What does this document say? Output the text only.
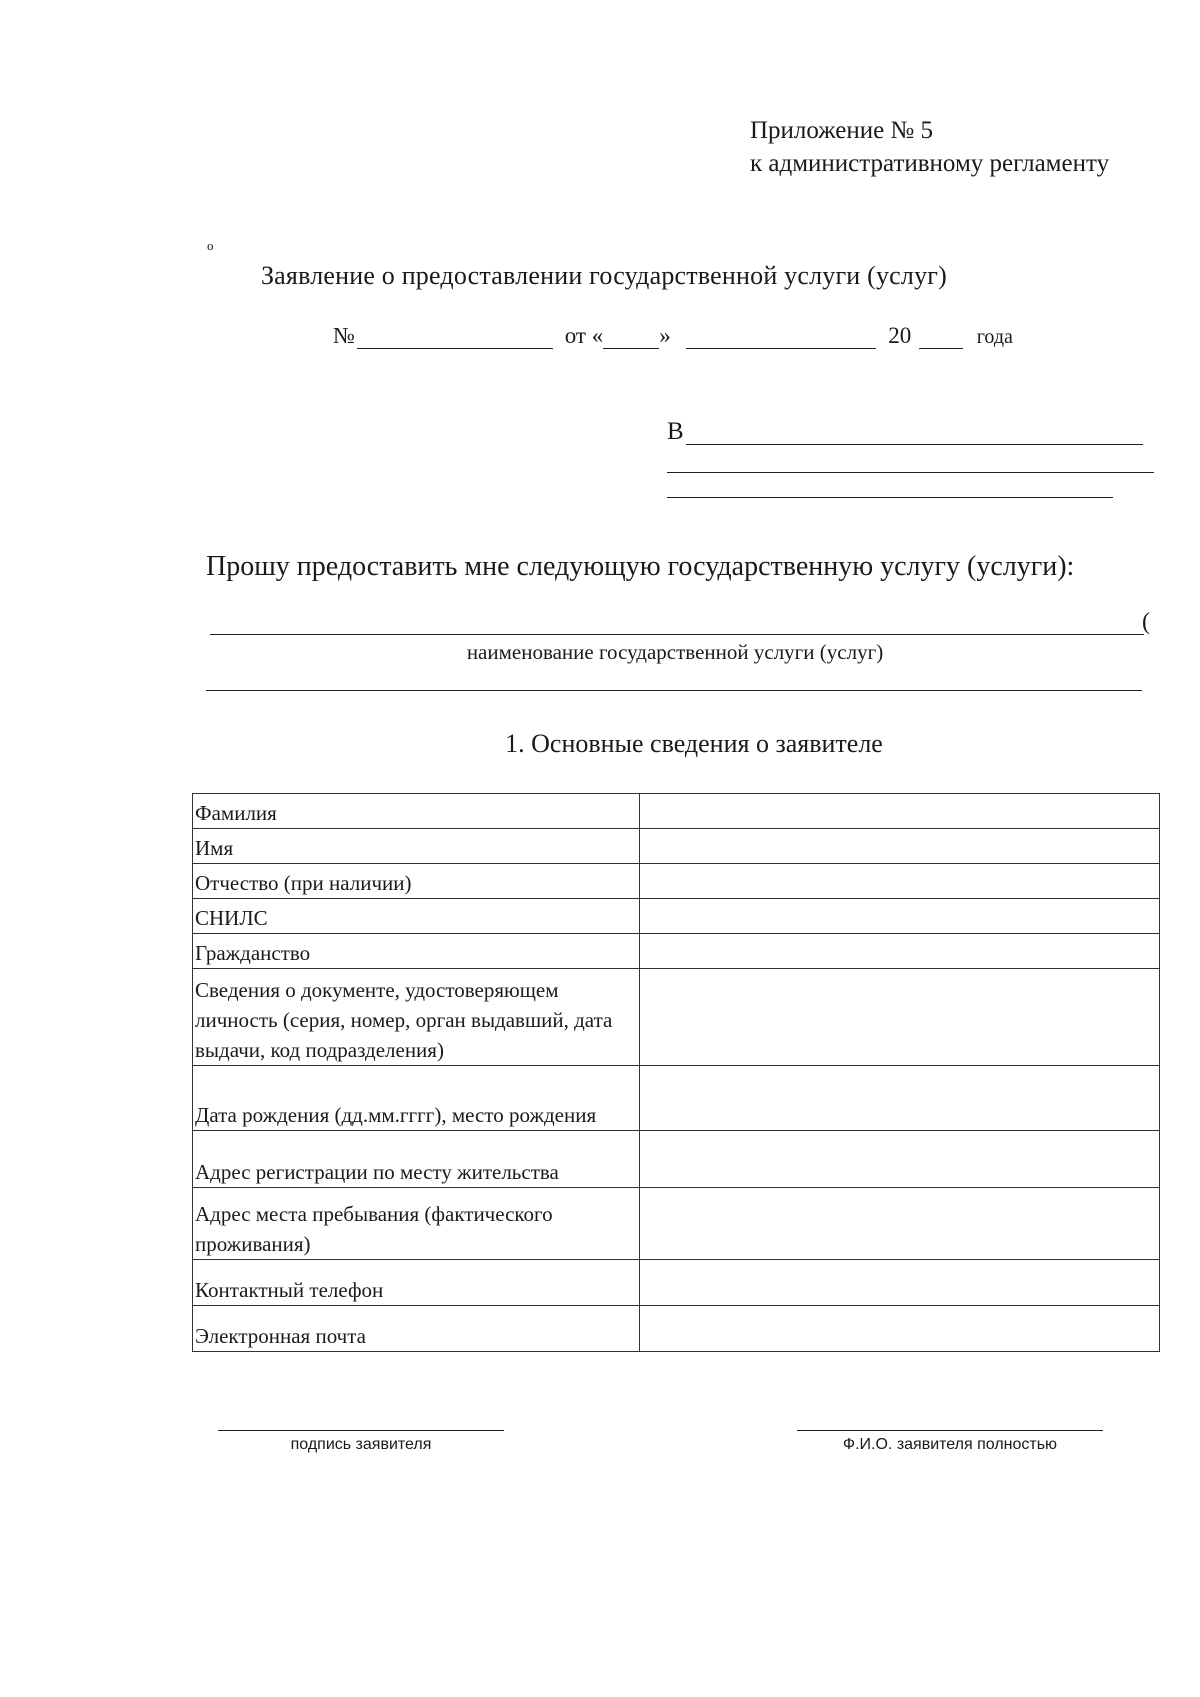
Приложение № 5
к административному регламенту
o
Заявление о предоставлении государственной услуги (услуг)
№	от « »	20	года
В
Прошу предоставить мне следующую государственную услугу (услуги):
(
наименование государственной услуги (услуг)
1. Основные сведения о заявителе
Фамилия	
Имя	
Отчество (при наличии)	
СНИЛС	
Гражданство	
Сведения о документе, удостоверяющем личность (серия, номер, орган выдавший, дата выдачи, код подразделения)	
Дата рождения (дд.мм.гггг), место рождения	
Адрес регистрации по месту жительства	
Адрес места пребывания (фактического проживания)	
Контактный телефон	
Электронная почта	
подпись заявителя	Ф.И.О. заявителя полностью
